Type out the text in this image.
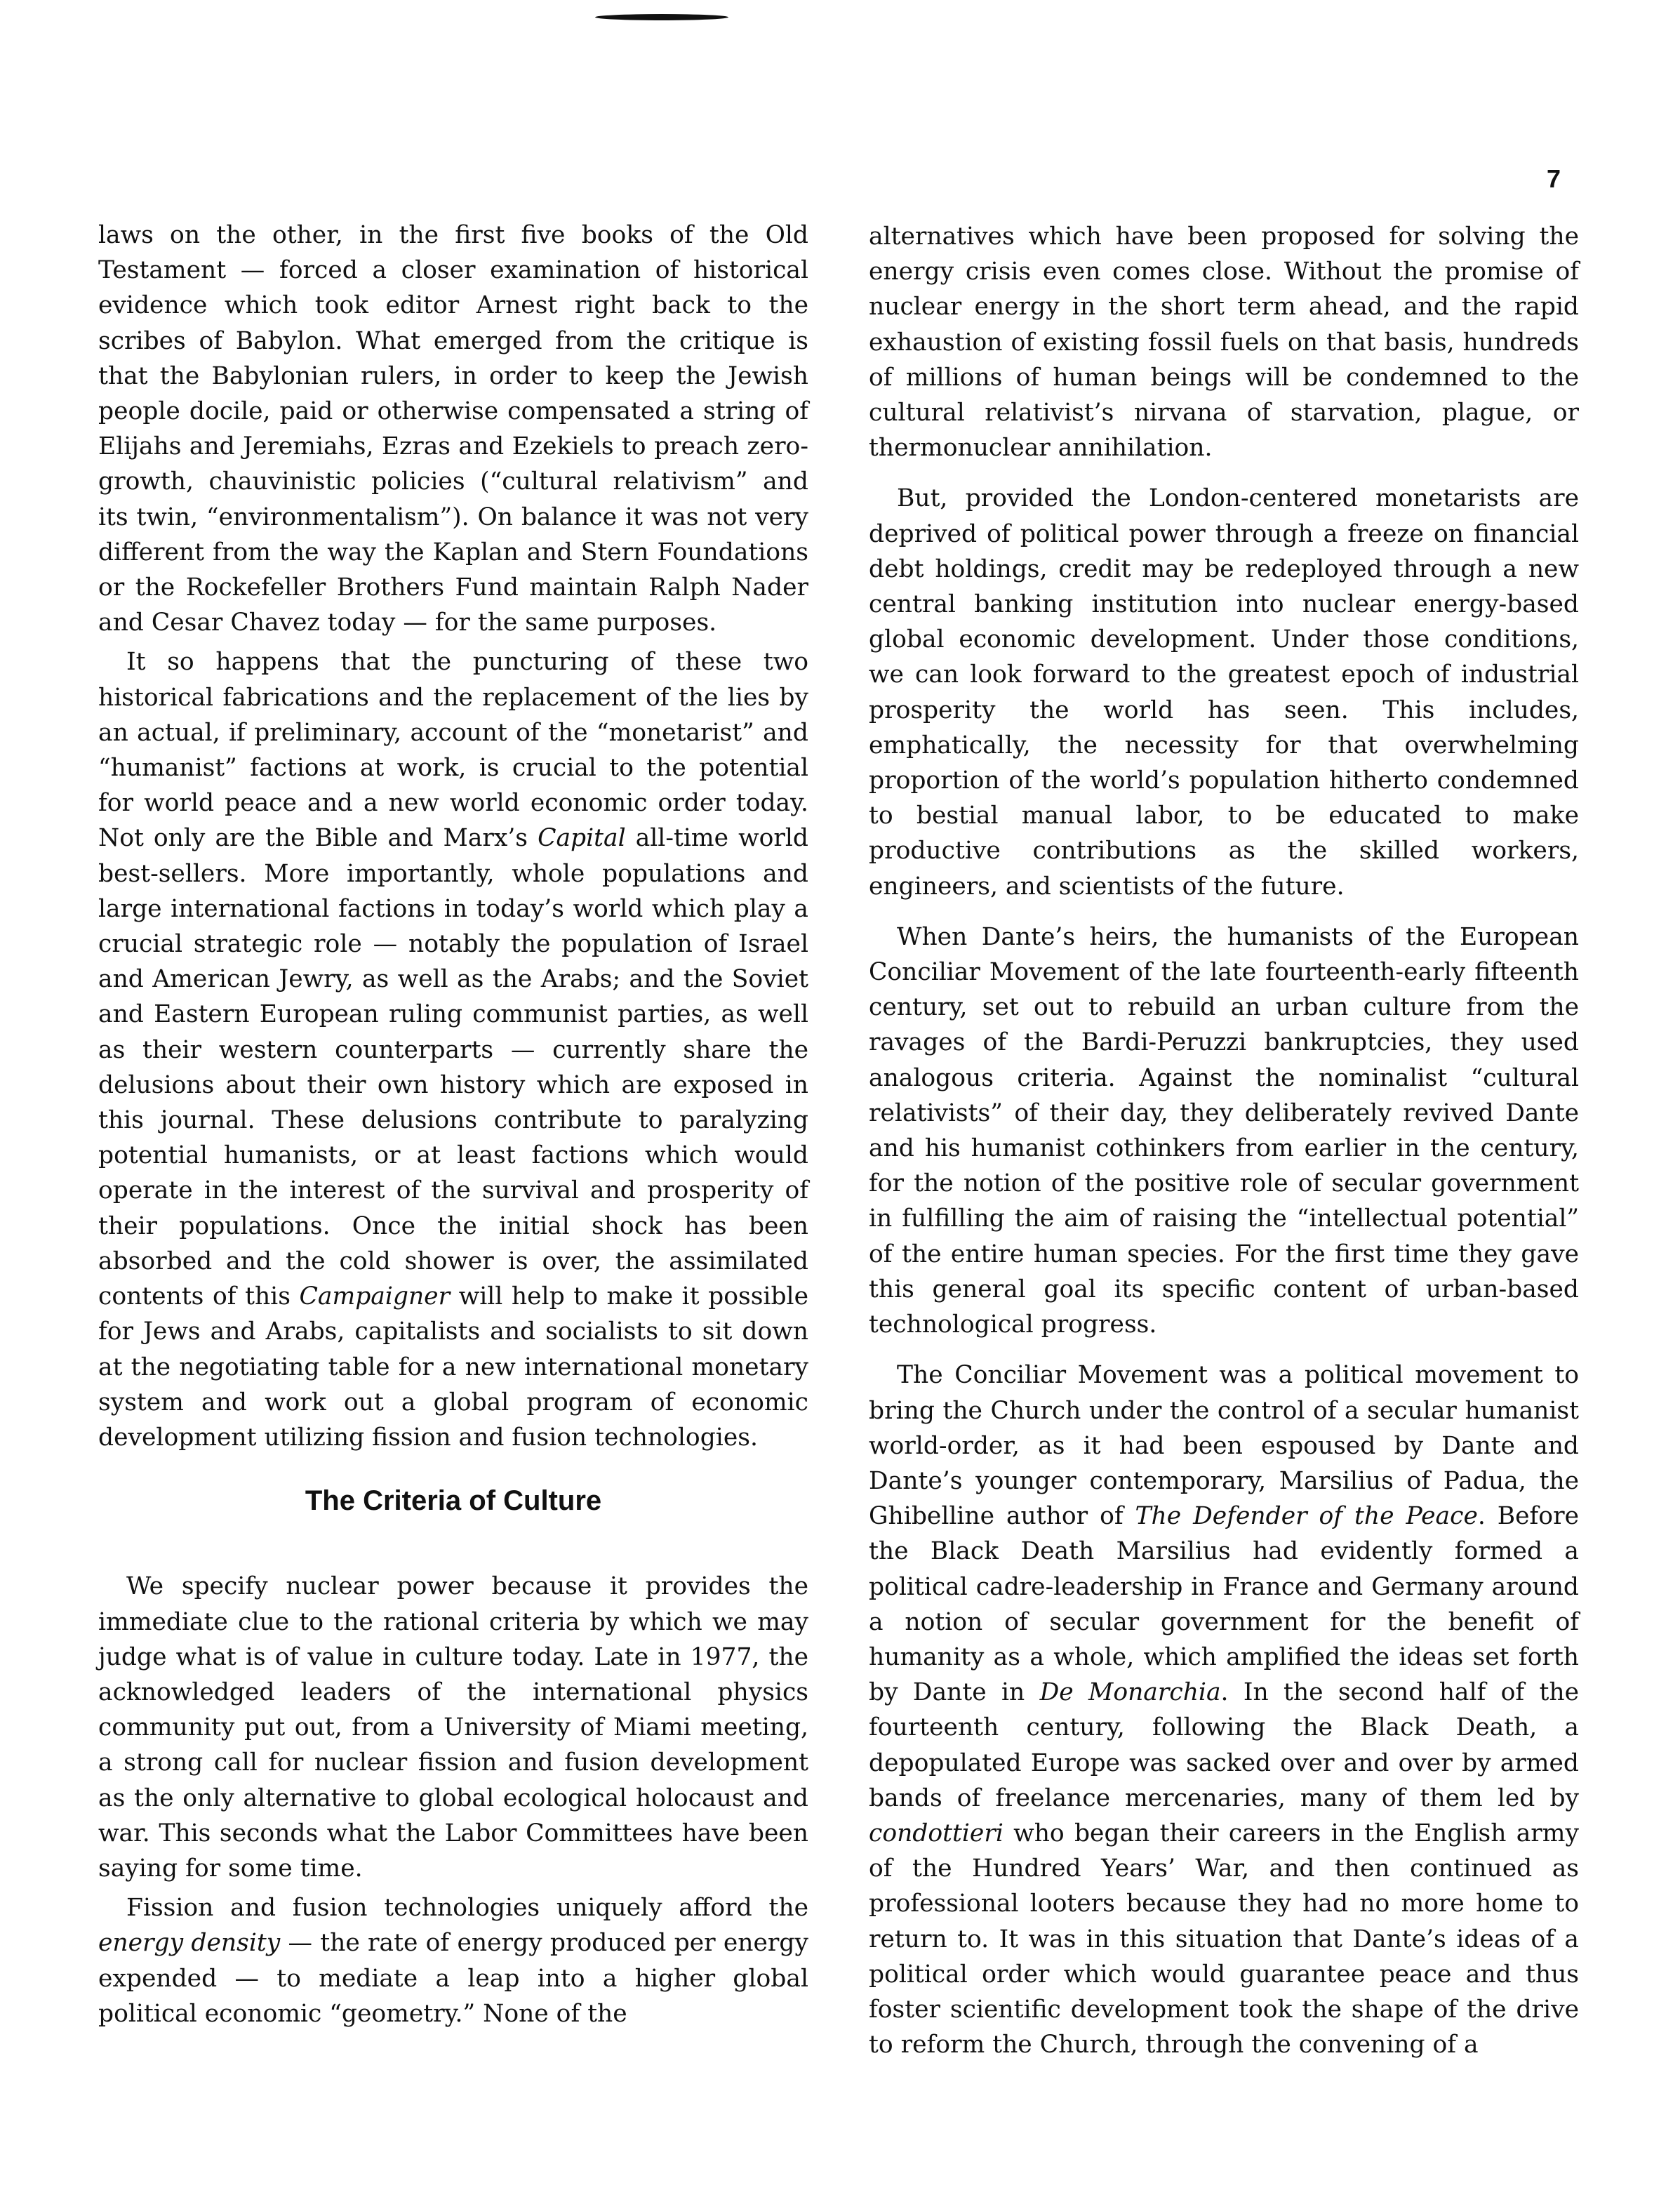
7

laws on the other, in the first five books of the Old Testament — forced a closer examination of historical evidence which took editor Arnest right back to the scribes of Babylon. What emerged from the critique is that the Babylonian rulers, in order to keep the Jewish people docile, paid or otherwise compensated a string of Elijahs and Jeremiahs, Ezras and Ezekiels to preach zero-growth, chauvinistic policies (“cultural relativism” and its twin, “environmentalism”). On balance it was not very different from the way the Kaplan and Stern Foundations or the Rockefeller Brothers Fund maintain Ralph Nader and Cesar Chavez today — for the same purposes.

It so happens that the puncturing of these two historical fabrications and the replacement of the lies by an actual, if preliminary, account of the “monetarist” and “humanist” factions at work, is crucial to the potential for world peace and a new world economic order today. Not only are the Bible and Marx’s Capital all-time world best-sellers. More importantly, whole populations and large international factions in today’s world which play a crucial strategic role — notably the population of Israel and American Jewry, as well as the Arabs; and the Soviet and Eastern European ruling communist parties, as well as their western counterparts — currently share the delusions about their own history which are exposed in this journal. These delusions contribute to paralyzing potential humanists, or at least factions which would operate in the interest of the survival and prosperity of their populations. Once the initial shock has been absorbed and the cold shower is over, the assimilated contents of this Campaigner will help to make it possible for Jews and Arabs, capitalists and socialists to sit down at the negotiating table for a new international monetary system and work out a global program of economic development utilizing fission and fusion technologies.

The Criteria of Culture

We specify nuclear power because it provides the immediate clue to the rational criteria by which we may judge what is of value in culture today. Late in 1977, the acknowledged leaders of the international physics community put out, from a University of Miami meeting, a strong call for nuclear fission and fusion development as the only alternative to global ecological holocaust and war. This seconds what the Labor Committees have been saying for some time.

Fission and fusion technologies uniquely afford the energy density — the rate of energy produced per energy expended — to mediate a leap into a higher global political economic “geometry.” None of the

alternatives which have been proposed for solving the energy crisis even comes close. Without the promise of nuclear energy in the short term ahead, and the rapid exhaustion of existing fossil fuels on that basis, hundreds of millions of human beings will be condemned to the cultural relativist’s nirvana of starvation, plague, or thermonuclear annihilation.

But, provided the London-centered monetarists are deprived of political power through a freeze on financial debt holdings, credit may be redeployed through a new central banking institution into nuclear energy-based global economic development. Under those conditions, we can look forward to the greatest epoch of industrial prosperity the world has seen. This includes, emphatically, the necessity for that overwhelming proportion of the world’s population hitherto condemned to bestial manual labor, to be educated to make productive contributions as the skilled workers, engineers, and scientists of the future.

When Dante’s heirs, the humanists of the European Conciliar Movement of the late fourteenth-early fifteenth century, set out to rebuild an urban culture from the ravages of the Bardi-Peruzzi bankruptcies, they used analogous criteria. Against the nominalist “cultural relativists” of their day, they deliberately revived Dante and his humanist cothinkers from earlier in the century, for the notion of the positive role of secular government in fulfilling the aim of raising the “intellectual potential” of the entire human species. For the first time they gave this general goal its specific content of urban-based technological progress.

The Conciliar Movement was a political movement to bring the Church under the control of a secular humanist world-order, as it had been espoused by Dante and Dante’s younger contemporary, Marsilius of Padua, the Ghibelline author of The Defender of the Peace. Before the Black Death Marsilius had evidently formed a political cadre-leadership in France and Germany around a notion of secular government for the benefit of humanity as a whole, which amplified the ideas set forth by Dante in De Monarchia. In the second half of the fourteenth century, following the Black Death, a depopulated Europe was sacked over and over by armed bands of freelance mercenaries, many of them led by condottieri who began their careers in the English army of the Hundred Years’ War, and then continued as professional looters because they had no more home to return to. It was in this situation that Dante’s ideas of a political order which would guarantee peace and thus foster scientific development took the shape of the drive to reform the Church, through the convening of a
